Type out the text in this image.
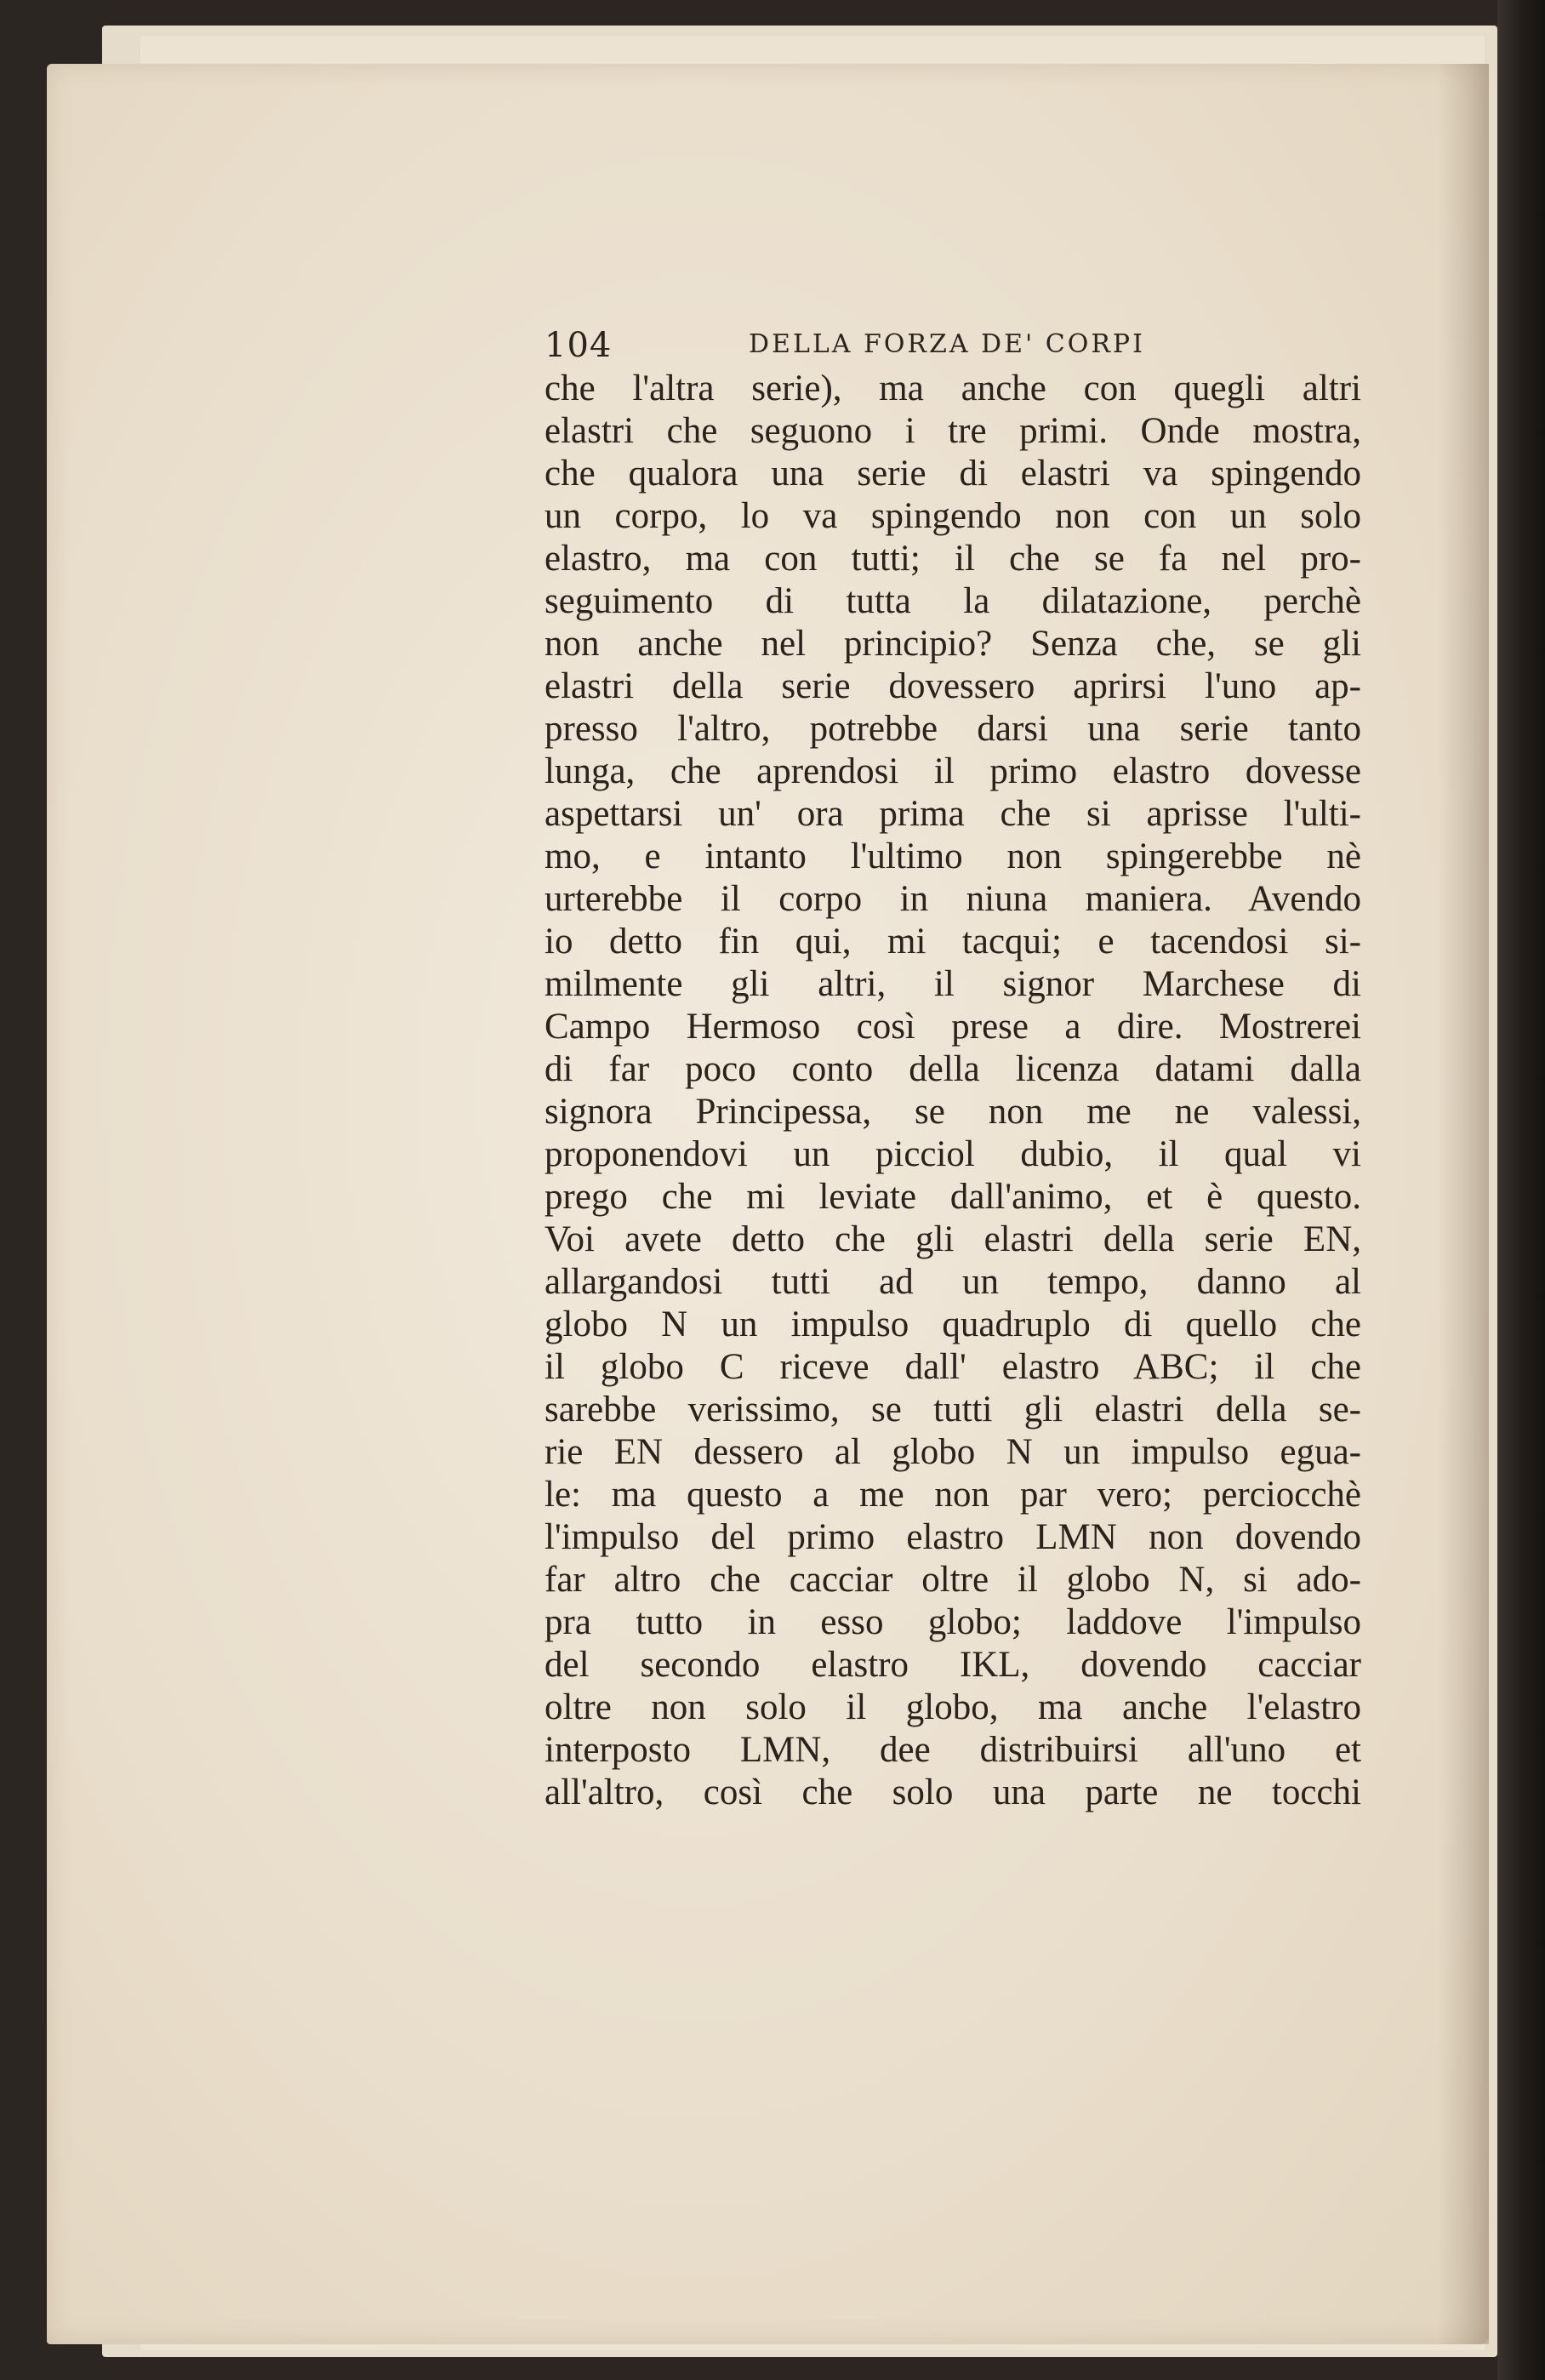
104	DELLA FORZA DE' CORPI
che l'altra serie), ma anche con quegli altri
elastri che seguono i tre primi. Onde mostra,
che qualora una serie di elastri va spingendo
un corpo, lo va spingendo non con un solo
elastro, ma con tutti; il che se fa nel pro-
seguimento di tutta la dilatazione, perchè
non anche nel principio? Senza che, se gli
elastri della serie dovessero aprirsi l'uno ap-
presso l'altro, potrebbe darsi una serie tanto
lunga, che aprendosi il primo elastro dovesse
aspettarsi un' ora prima che si aprisse l'ulti-
mo, e intanto l'ultimo non spingerebbe nè
urterebbe il corpo in niuna maniera. Avendo
io detto fin qui, mi tacqui; e tacendosi si-
milmente gli altri, il signor Marchese di
Campo Hermoso così prese a dire. Mostrerei
di far poco conto della licenza datami dalla
signora Principessa, se non me ne valessi,
proponendovi un picciol dubio, il qual vi
prego che mi leviate dall'animo, et è questo.
Voi avete detto che gli elastri della serie EN,
allargandosi tutti ad un tempo, danno al
globo N un impulso quadruplo di quello che
il globo C riceve dall' elastro ABC; il che
sarebbe verissimo, se tutti gli elastri della se-
rie EN dessero al globo N un impulso egua-
le: ma questo a me non par vero; perciocchè
l'impulso del primo elastro LMN non dovendo
far altro che cacciar oltre il globo N, si ado-
pra tutto in esso globo; laddove l'impulso
del secondo elastro IKL, dovendo cacciar
oltre non solo il globo, ma anche l'elastro
interposto LMN, dee distribuirsi all'uno et
all'altro, così che solo una parte ne tocchi
